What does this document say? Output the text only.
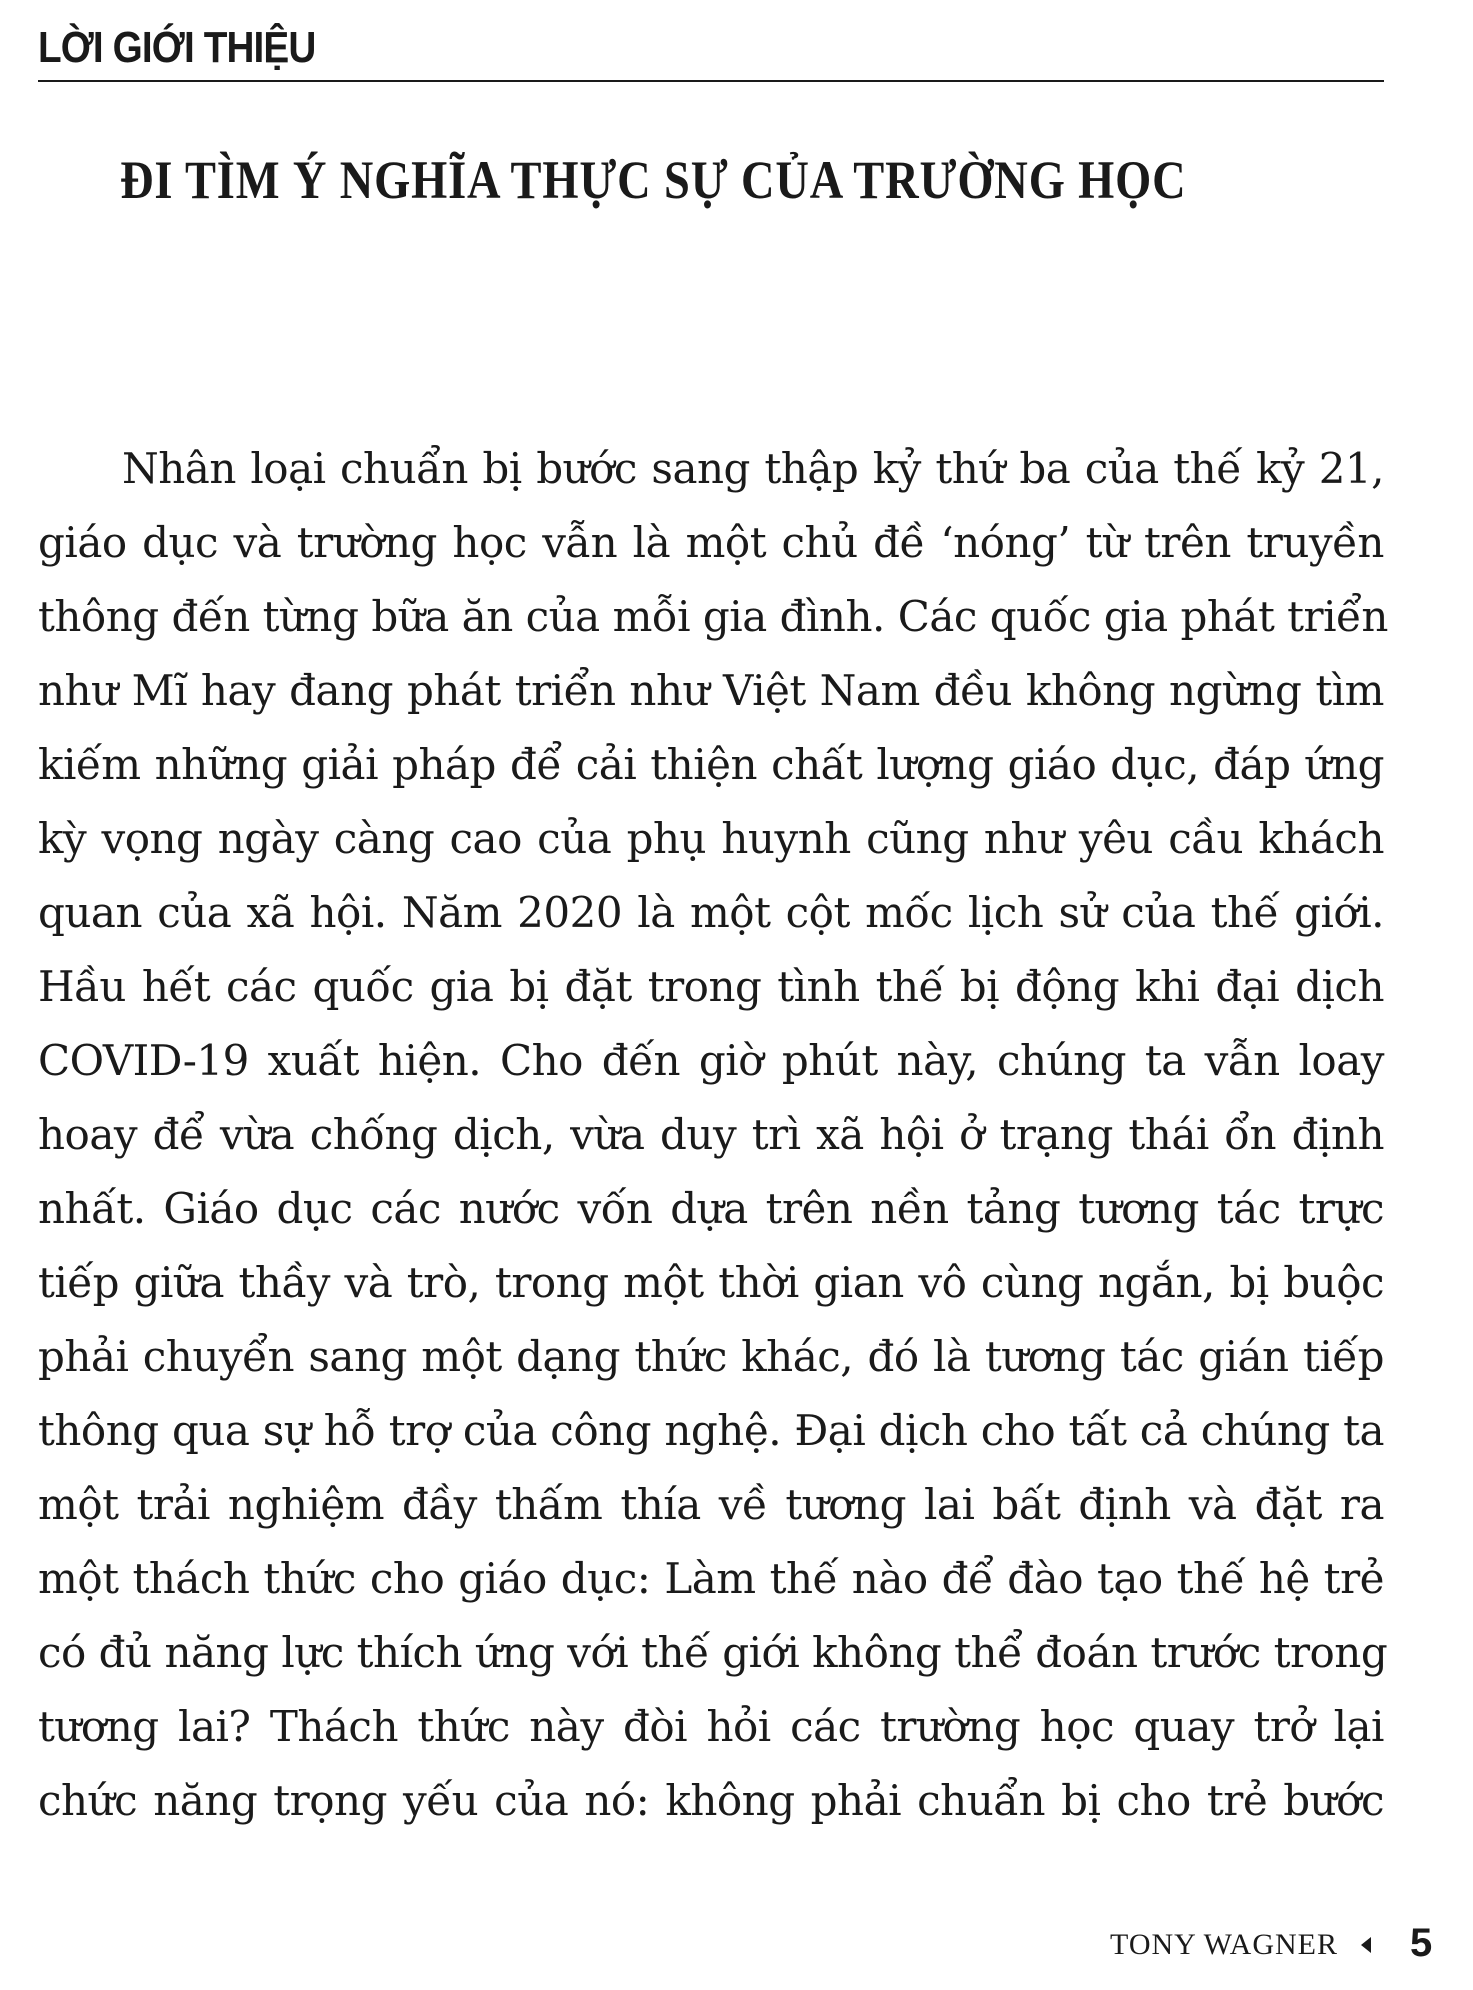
LỜI GIỚI THIỆU
ĐI TÌM Ý NGHĨA THỰC SỰ CỦA TRƯỜNG HỌC
Nhân loại chuẩn bị bước sang thập kỷ thứ ba của thế kỷ 21,
giáo dục và trường học vẫn là một chủ đề ‘nóng’ từ trên truyền
thông đến từng bữa ăn của mỗi gia đình. Các quốc gia phát triển
như Mĩ hay đang phát triển như Việt Nam đều không ngừng tìm
kiếm những giải pháp để cải thiện chất lượng giáo dục, đáp ứng
kỳ vọng ngày càng cao của phụ huynh cũng như yêu cầu khách
quan của xã hội. Năm 2020 là một cột mốc lịch sử của thế giới.
Hầu hết các quốc gia bị đặt trong tình thế bị động khi đại dịch
COVID-19 xuất hiện. Cho đến giờ phút này, chúng ta vẫn loay
hoay để vừa chống dịch, vừa duy trì xã hội ở trạng thái ổn định
nhất. Giáo dục các nước vốn dựa trên nền tảng tương tác trực
tiếp giữa thầy và trò, trong một thời gian vô cùng ngắn, bị buộc
phải chuyển sang một dạng thức khác, đó là tương tác gián tiếp
thông qua sự hỗ trợ của công nghệ. Đại dịch cho tất cả chúng ta
một trải nghiệm đầy thấm thía về tương lai bất định và đặt ra
một thách thức cho giáo dục: Làm thế nào để đào tạo thế hệ trẻ
có đủ năng lực thích ứng với thế giới không thể đoán trước trong
tương lai? Thách thức này đòi hỏi các trường học quay trở lại
chức năng trọng yếu của nó: không phải chuẩn bị cho trẻ bước
TONY WAGNER 5
